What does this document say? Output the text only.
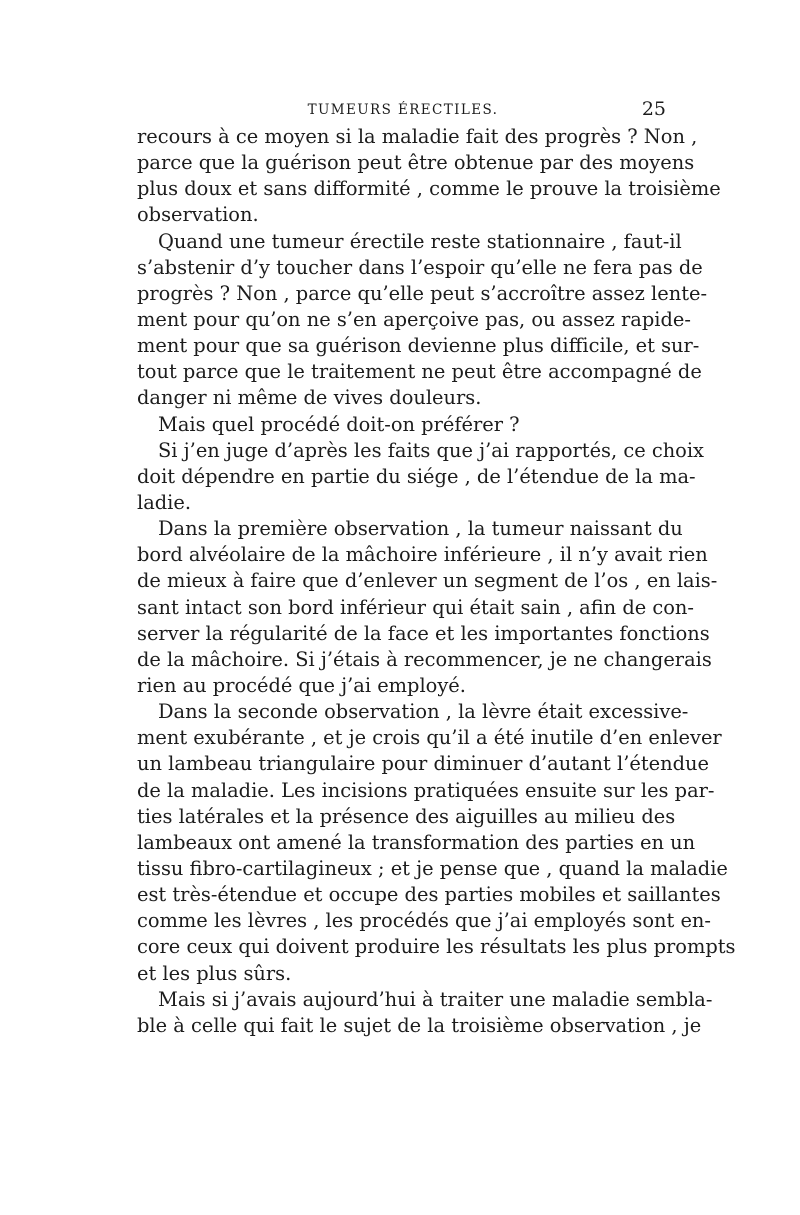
TUMEURS ÉRECTILES.	25
recours à ce moyen si la maladie fait des progrès ? Non ,
parce que la guérison peut être obtenue par des moyens
plus doux et sans difformité , comme le prouve la troisième
observation.
Quand une tumeur érectile reste stationnaire , faut-il
s’abstenir d’y toucher dans l’espoir qu’elle ne fera pas de
progrès ? Non , parce qu’elle peut s’accroître assez lente-
ment pour qu’on ne s’en aperçoive pas, ou assez rapide-
ment pour que sa guérison devienne plus difficile, et sur-
tout parce que le traitement ne peut être accompagné de
danger ni même de vives douleurs.
Mais quel procédé doit-on préférer ?
Si j’en juge d’après les faits que j’ai rapportés, ce choix
doit dépendre en partie du siége , de l’étendue de la ma-
ladie.
Dans la première observation , la tumeur naissant du
bord alvéolaire de la mâchoire inférieure , il n’y avait rien
de mieux à faire que d’enlever un segment de l’os , en lais-
sant intact son bord inférieur qui était sain , afin de con-
server la régularité de la face et les importantes fonctions
de la mâchoire. Si j’étais à recommencer, je ne changerais
rien au procédé que j’ai employé.
Dans la seconde observation , la lèvre était excessive-
ment exubérante , et je crois qu’il a été inutile d’en enlever
un lambeau triangulaire pour diminuer d’autant l’étendue
de la maladie. Les incisions pratiquées ensuite sur les par-
ties latérales et la présence des aiguilles au milieu des
lambeaux ont amené la transformation des parties en un
tissu fibro-cartilagineux ; et je pense que , quand la maladie
est très-étendue et occupe des parties mobiles et saillantes
comme les lèvres , les procédés que j’ai employés sont en-
core ceux qui doivent produire les résultats les plus prompts
et les plus sûrs.
Mais si j’avais aujourd’hui à traiter une maladie sembla-
ble à celle qui fait le sujet de la troisième observation , je
